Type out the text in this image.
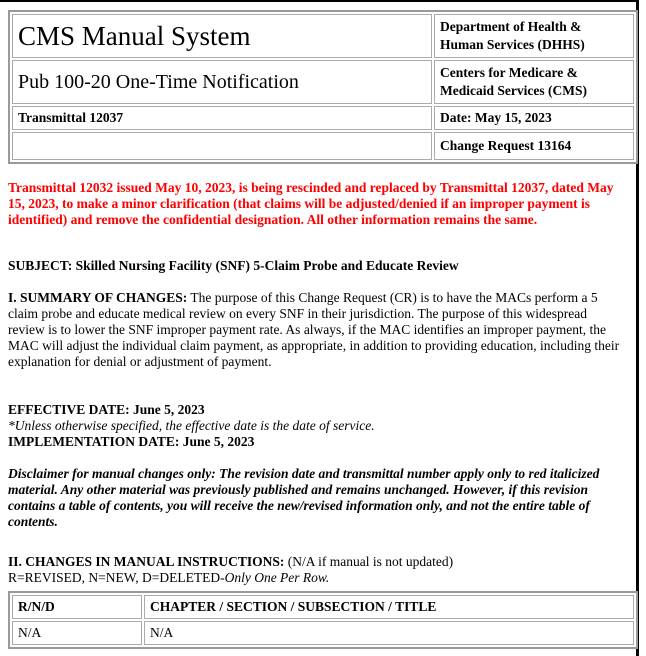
CMS Manual System	Department of Health & Human Services (DHHS)
Pub 100-20 One-Time Notification	Centers for Medicare & Medicaid Services (CMS)
Transmittal 12037	Date: May 15, 2023
	Change Request 13164

Transmittal 12032 issued May 10, 2023, is being rescinded and replaced by Transmittal 12037, dated May 15, 2023, to make a minor clarification (that claims will be adjusted/denied if an improper payment is identified) and remove the confidential designation. All other information remains the same.

SUBJECT: Skilled Nursing Facility (SNF) 5-Claim Probe and Educate Review

I. SUMMARY OF CHANGES: The purpose of this Change Request (CR) is to have the MACs perform a 5 claim probe and educate medical review on every SNF in their jurisdiction. The purpose of this widespread review is to lower the SNF improper payment rate. As always, if the MAC identifies an improper payment, the MAC will adjust the individual claim payment, as appropriate, in addition to providing education, including their explanation for denial or adjustment of payment.

EFFECTIVE DATE: June 5, 2023

*Unless otherwise specified, the effective date is the date of service.

IMPLEMENTATION DATE: June 5, 2023

Disclaimer for manual changes only: The revision date and transmittal number apply only to red italicized material. Any other material was previously published and remains unchanged. However, if this revision contains a table of contents, you will receive the new/revised information only, and not the entire table of contents.

II. CHANGES IN MANUAL INSTRUCTIONS: (N/A if manual is not updated)

R=REVISED, N=NEW, D=DELETED-Only One Per Row.

R/N/D	CHAPTER / SECTION / SUBSECTION / TITLE
N/A	N/A
